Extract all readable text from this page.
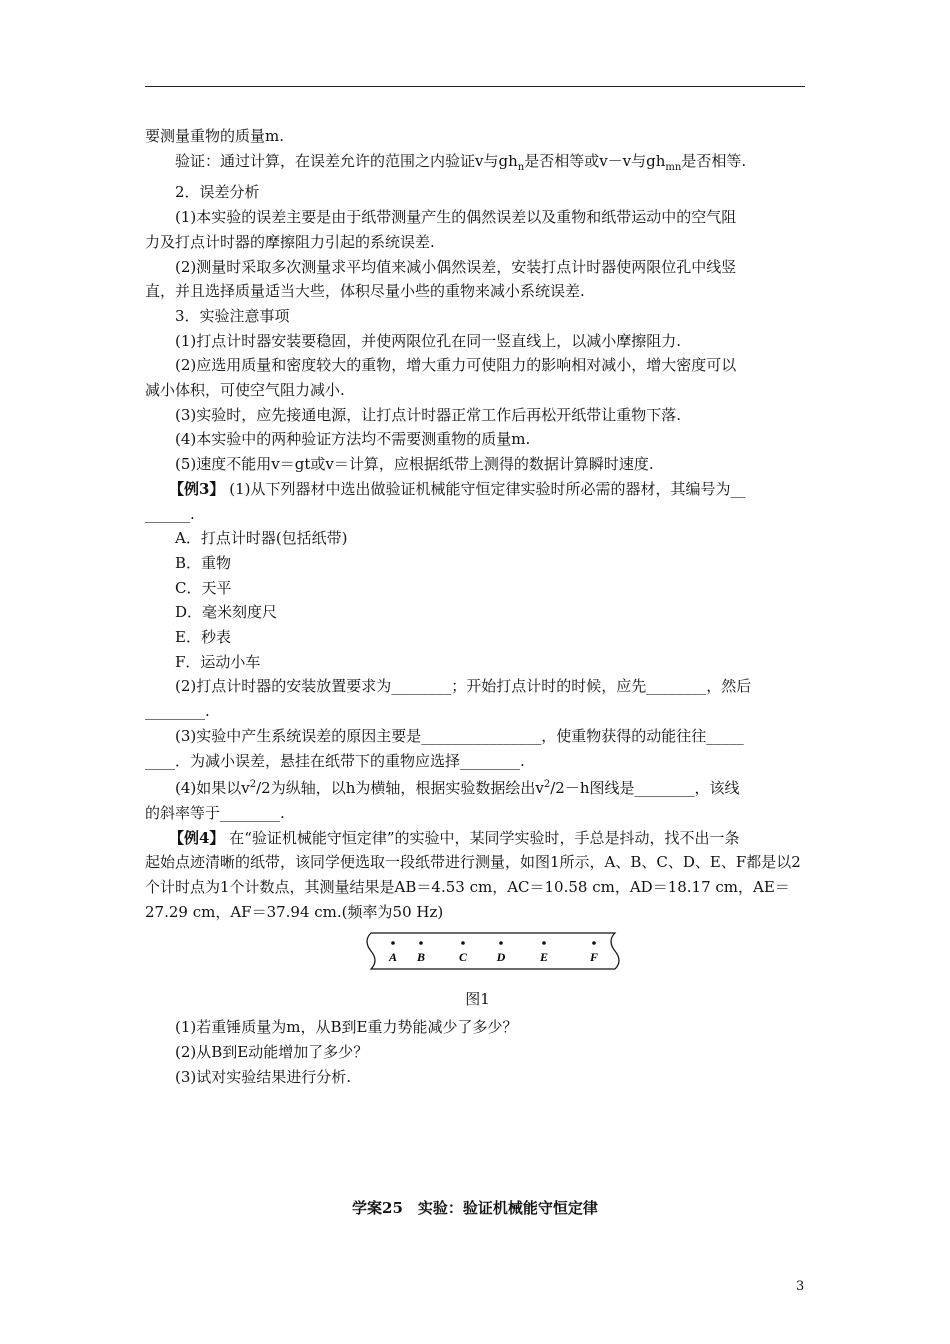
要测量重物的质量m.

验证：通过计算，在误差允许的范围之内验证v与$gh_n$是否相等或v－v与$gh_{mn}$是否相等.

2．误差分析

(1)本实验的误差主要是由于纸带测量产生的偶然误差以及重物和纸带运动中的空气阻

力及打点计时器的摩擦阻力引起的系统误差.

(2)测量时采取多次测量求平均值来减小偶然误差，安装打点计时器使两限位孔中线竖

直，并且选择质量适当大些，体积尽量小些的重物来减小系统误差.

3．实验注意事项

(1)打点计时器安装要稳固，并使两限位孔在同一竖直线上，以减小摩擦阻力.

(2)应选用质量和密度较大的重物，增大重力可使阻力的影响相对减小，增大密度可以

减小体积，可使空气阻力减小.

(3)实验时，应先接通电源，让打点计时器正常工作后再松开纸带让重物下落.

(4)本实验中的两种验证方法均不需要测重物的质量m.

(5)速度不能用v＝gt或v＝计算，应根据纸带上测得的数据计算瞬时速度.

【例3】 (1)从下列器材中选出做验证机械能守恒定律实验时所必需的器材，其编号为__

______.

A．打点计时器(包括纸带)

B．重物

C．天平

D．毫米刻度尺

E．秒表

F．运动小车

(2)打点计时器的安装放置要求为________；开始打点计时的时候，应先________，然后

________.

(3)实验中产生系统误差的原因主要是________________，使重物获得的动能往往_____

____．为减小误差，悬挂在纸带下的重物应选择________.

(4)如果以$v^2/2$为纵轴，以h为横轴，根据实验数据绘出$v^2/2-h$图线是________，该线

的斜率等于________.

【例4】 在“验证机械能守恒定律”的实验中，某同学实验时，手总是抖动，找不出一条

起始点迹清晰的纸带，该同学便选取一段纸带进行测量，如图1所示，A、B、C、D、E、F都是以2

个计时点为1个计数点，其测量结果是AB＝4.53 cm，AC＝10.58 cm，AD＝18.17 cm，AE＝

27.29 cm，AF＝37.94 cm.(频率为50 Hz)

A B	C D	E	F

图1

(1)若重锤质量为m，从B到E重力势能减少了多少？

(2)从B到E动能增加了多少？

(3)试对实验结果进行分析.

学案25　实验：验证机械能守恒定律
3
